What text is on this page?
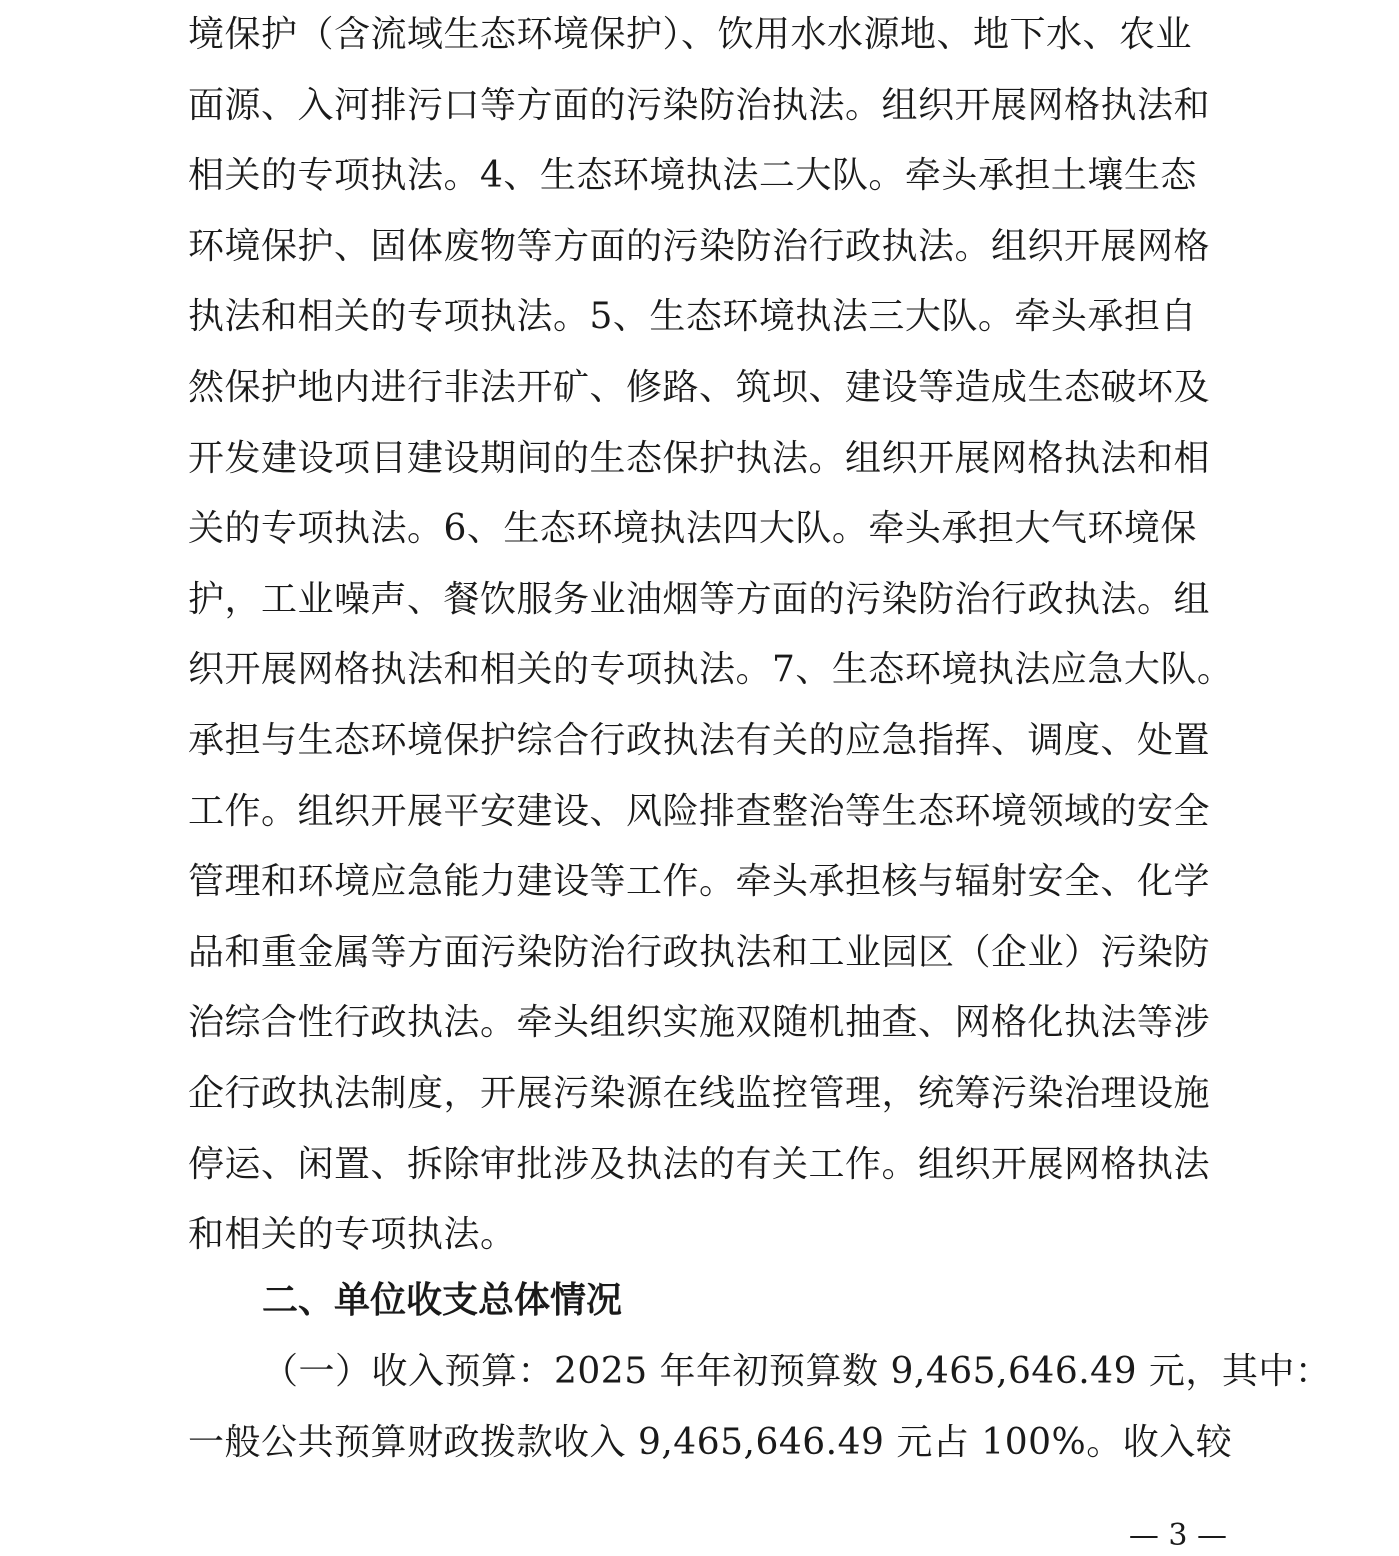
境保护（含流域生态环境保护）、饮用水水源地、地下水、农业
面源、入河排污口等方面的污染防治执法。组织开展网格执法和
相关的专项执法。4、生态环境执法二大队。牵头承担土壤生态
环境保护、固体废物等方面的污染防治行政执法。组织开展网格
执法和相关的专项执法。5、生态环境执法三大队。牵头承担自
然保护地内进行非法开矿、修路、筑坝、建设等造成生态破坏及
开发建设项目建设期间的生态保护执法。组织开展网格执法和相
关的专项执法。6、生态环境执法四大队。牵头承担大气环境保
护，工业噪声、餐饮服务业油烟等方面的污染防治行政执法。组
织开展网格执法和相关的专项执法。7、生态环境执法应急大队。
承担与生态环境保护综合行政执法有关的应急指挥、调度、处置
工作。组织开展平安建设、风险排查整治等生态环境领域的安全
管理和环境应急能力建设等工作。牵头承担核与辐射安全、化学
品和重金属等方面污染防治行政执法和工业园区（企业）污染防
治综合性行政执法。牵头组织实施双随机抽查、网格化执法等涉
企行政执法制度，开展污染源在线监控管理，统筹污染治理设施
停运、闲置、拆除审批涉及执法的有关工作。组织开展网格执法
和相关的专项执法。
二、单位收支总体情况
（一）收入预算：2025 年年初预算数 9,465,646.49 元，其中：
一般公共预算财政拨款收入 9,465,646.49 元占 100%。收入较
— 3 —
